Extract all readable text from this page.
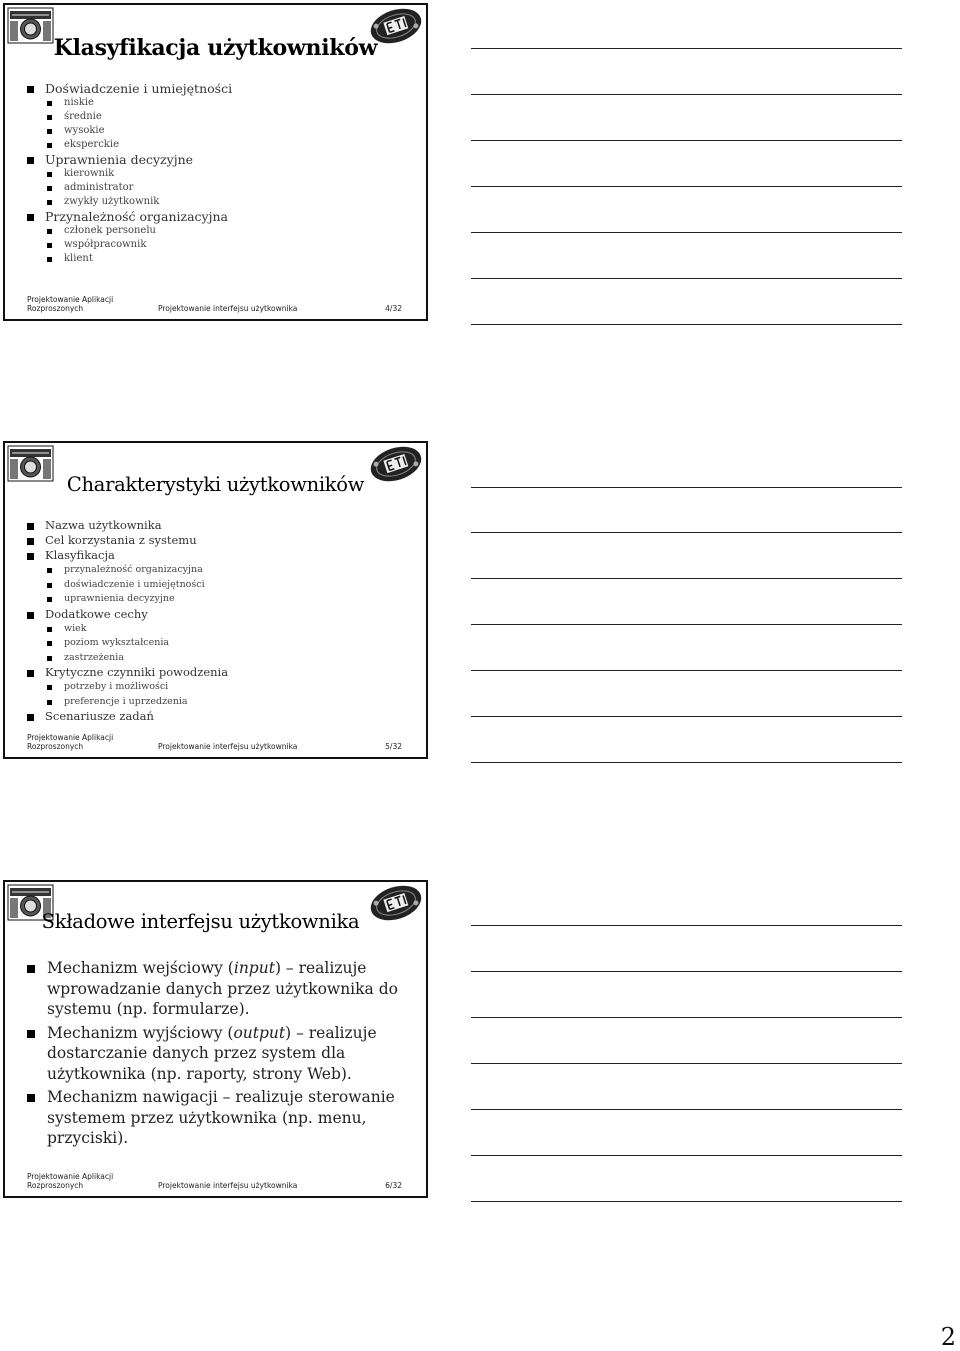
Klasyfikacja użytkowników
Doświadczenie i umiejętności
niskie
średnie
wysokie
eksperckie
Uprawnienia decyzyjne
kierownik
administrator
zwykły użytkownik
Przynależność organizacyjna
członek personelu
współpracownik
klient
Projektowanie Aplikacji
Rozproszonych	Projektowanie interfejsu użytkownika	4/32
Charakterystyki użytkowników
Nazwa użytkownika
Cel korzystania z systemu
Klasyfikacja
przynależność organizacyjna
doświadczenie i umiejętności
uprawnienia decyzyjne
Dodatkowe cechy
wiek
poziom wykształcenia
zastrzeżenia
Krytyczne czynniki powodzenia
potrzeby i możliwości
preferencje i uprzedzenia
Scenariusze zadań
Projektowanie Aplikacji
Rozproszonych	Projektowanie interfejsu użytkownika	5/32
Składowe interfejsu użytkownika
Mechanizm wejściowy (input) – realizuje wprowadzanie danych przez użytkownika do systemu (np. formularze).
Mechanizm wyjściowy (output) – realizuje dostarczanie danych przez system dla użytkownika (np. raporty, strony Web).
Mechanizm nawigacji – realizuje sterowanie systemem przez użytkownika (np. menu, przyciski).
Projektowanie Aplikacji
Rozproszonych	Projektowanie interfejsu użytkownika	6/32
2
